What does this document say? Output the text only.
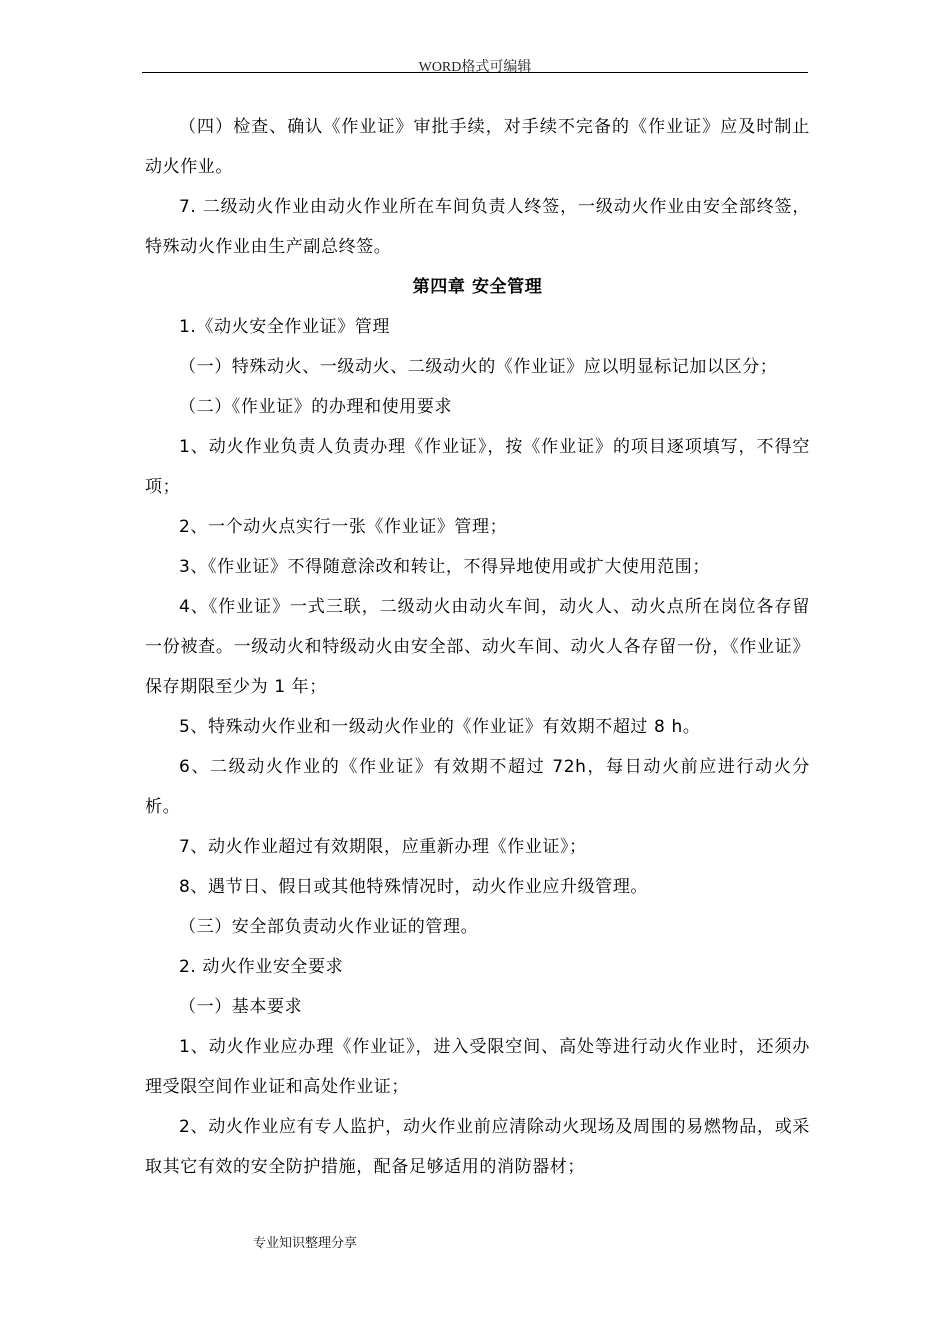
WORD格式可编辑

（四）检查、确认《作业证》审批手续，对手续不完备的《作业证》应及时制止动火作业。

7. 二级动火作业由动火作业所在车间负责人终签，一级动火作业由安全部终签，特殊动火作业由生产副总终签。

第四章 安全管理

1.《动火安全作业证》管理

（一）特殊动火、一级动火、二级动火的《作业证》应以明显标记加以区分；

（二）《作业证》的办理和使用要求

1、动火作业负责人负责办理《作业证》，按《作业证》的项目逐项填写，不得空项；

2、一个动火点实行一张《作业证》管理；

3、《作业证》不得随意涂改和转让，不得异地使用或扩大使用范围；

4、《作业证》一式三联，二级动火由动火车间，动火人、动火点所在岗位各存留一份被查。一级动火和特级动火由安全部、动火车间、动火人各存留一份，《作业证》保存期限至少为 1 年；

5、特殊动火作业和一级动火作业的《作业证》有效期不超过 8 h。

6、二级动火作业的《作业证》有效期不超过 72h，每日动火前应进行动火分析。

7、动火作业超过有效期限，应重新办理《作业证》；

8、遇节日、假日或其他特殊情况时，动火作业应升级管理。

（三）安全部负责动火作业证的管理。

2. 动火作业安全要求

（一）基本要求

1、动火作业应办理《作业证》，进入受限空间、高处等进行动火作业时，还须办理受限空间作业证和高处作业证；

2、动火作业应有专人监护，动火作业前应清除动火现场及周围的易燃物品，或采取其它有效的安全防护措施，配备足够适用的消防器材；

专业知识整理分享
